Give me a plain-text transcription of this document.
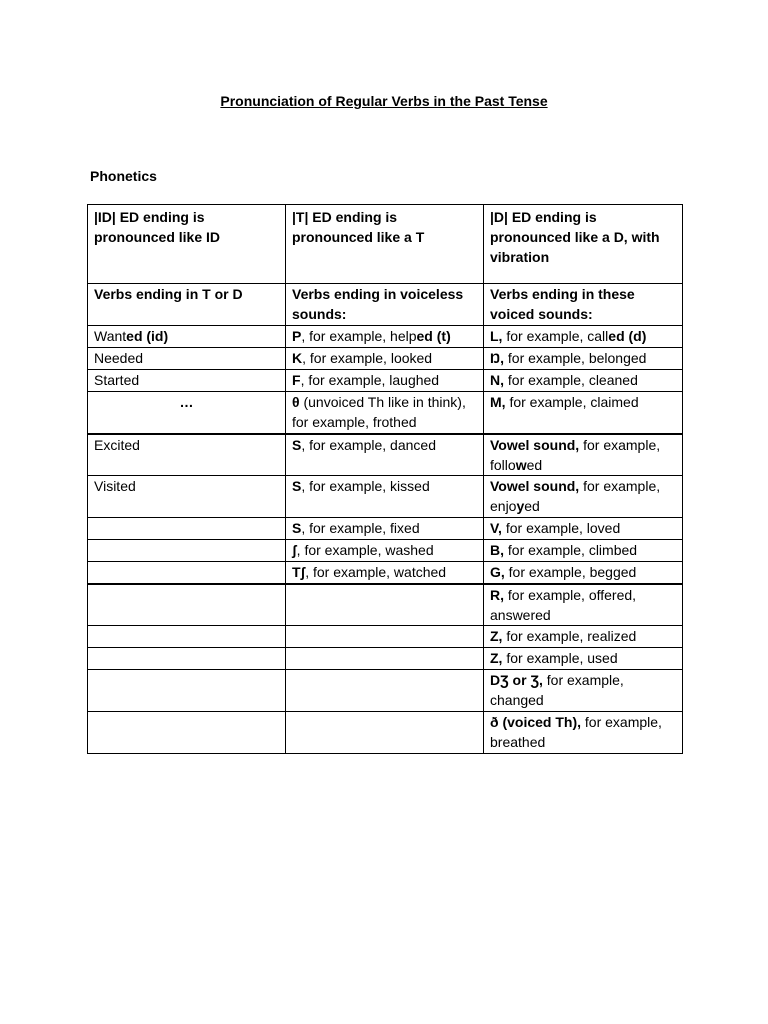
Pronunciation of Regular Verbs in the Past Tense
Phonetics
|ID| ED ending is pronounced like ID	|T| ED ending is pronounced like a T	|D| ED ending is pronounced like a D, with vibration
Verbs ending in T or D	Verbs ending in voiceless sounds:	Verbs ending in these voiced sounds:
Wanted (id)	P, for example, helped (t)	L, for example, called (d)
Needed	K, for example, looked	Ŋ, for example, belonged
Started	F, for example, laughed	N, for example, cleaned
…	θ (unvoiced Th like in think), for example, frothed	M, for example, claimed
Excited	S, for example, danced	Vowel sound, for example, followed
Visited	S, for example, kissed	Vowel sound, for example, enjoyed
	S, for example, fixed	V, for example, loved
	ʃ, for example, washed	B, for example, climbed
	Tʃ, for example, watched	G, for example, begged
		R, for example, offered, answered
		Z, for example, realized
		Z, for example, used
		DƷ or Ʒ, for example, changed
		ð (voiced Th), for example, breathed
